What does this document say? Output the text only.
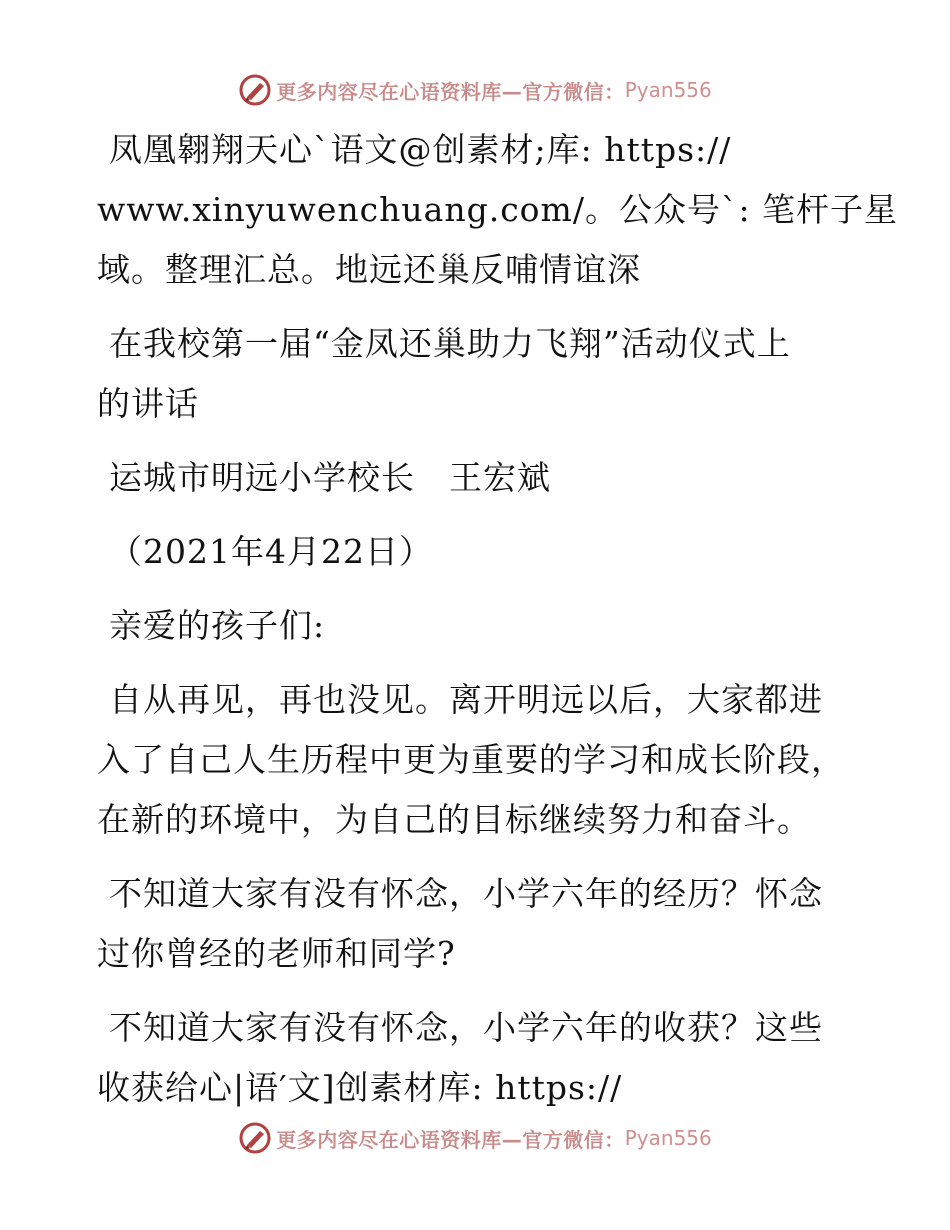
更多内容尽在心语资料库—官方微信： Pyan556

凤凰翱翔天心`语文@创素材;库: https://
www.xinyuwenchuang.com/。公众号`: 笔杆子星
域。整理汇总。地远还巢反哺情谊深

在我校第一届“金凤还巢助力飞翔”活动仪式上
的讲话

运城市明远小学校长　王宏斌

（2021年4月22日）

亲爱的孩子们:

自从再见，再也没见。离开明远以后，大家都进
入了自己人生历程中更为重要的学习和成长阶段，
在新的环境中，为自己的目标继续努力和奋斗。

不知道大家有没有怀念，小学六年的经历？怀念
过你曾经的老师和同学?

不知道大家有没有怀念，小学六年的收获？这些
收获给心|语′文]创素材库: https://

更多内容尽在心语资料库—官方微信： Pyan556
